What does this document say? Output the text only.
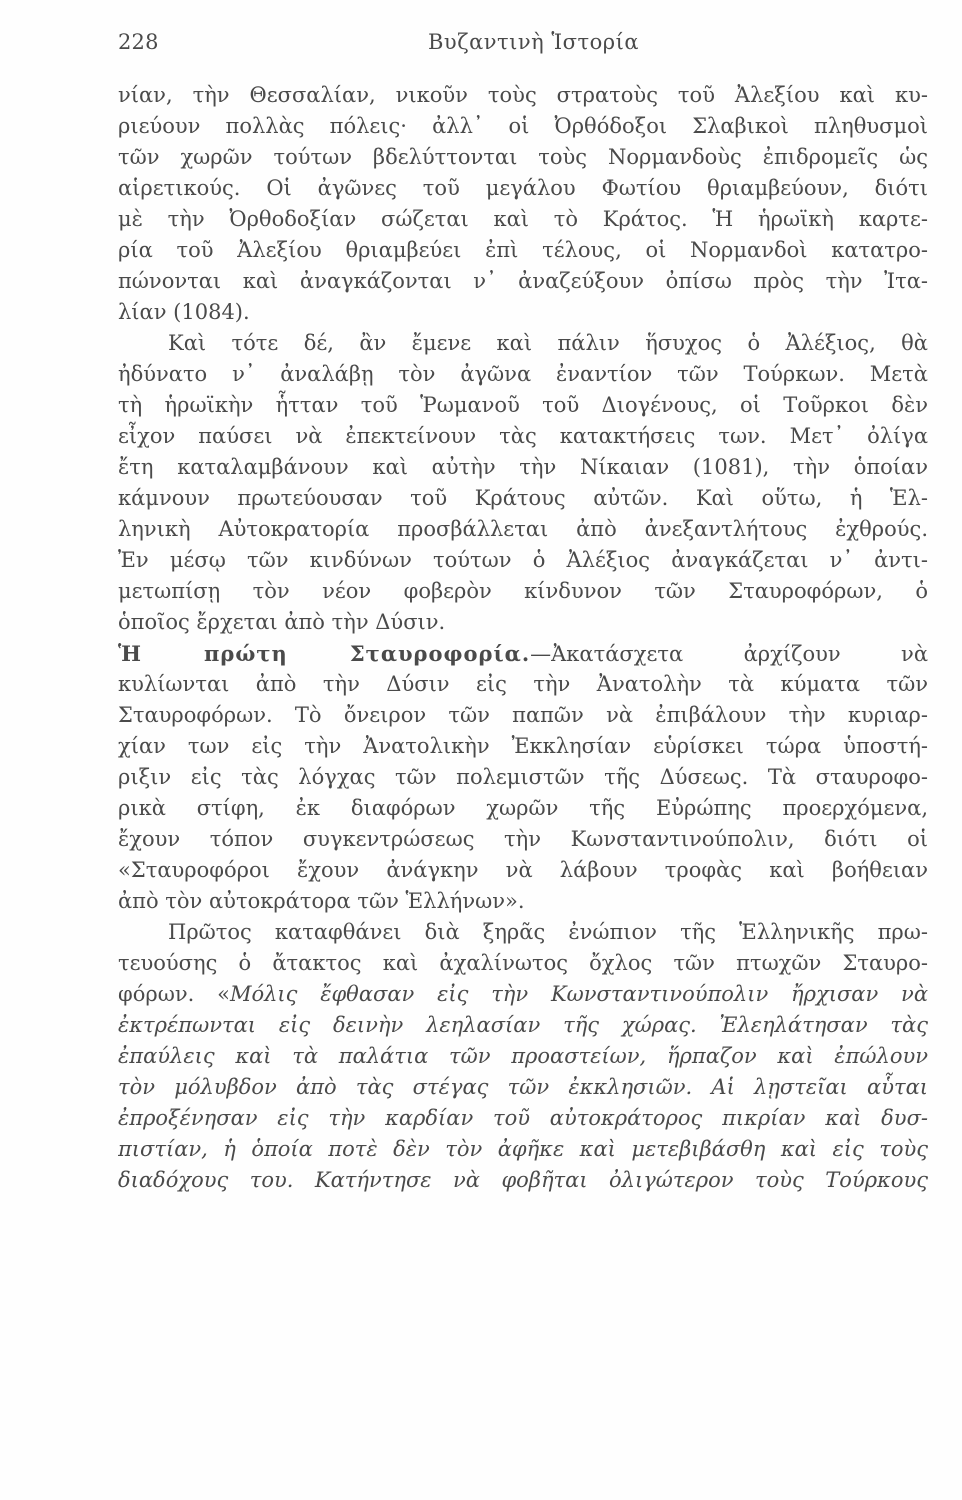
228	Βυζαντινὴ Ἱστορία
νίαν, τὴν Θεσσαλίαν, νικοῦν τοὺς στρατοὺς τοῦ Ἀλεξίου καὶ κυ-
ριεύουν πολλὰς πόλεις· ἀλλ᾽ οἱ Ὀρθόδοξοι Σλαβικοὶ πληθυσμοὶ
τῶν χωρῶν τούτων βδελύττονται τοὺς Νορμανδοὺς ἐπιδρομεῖς ὡς
αἱρετικούς. Οἱ ἀγῶνες τοῦ μεγάλου Φωτίου θριαμβεύουν, διότι
μὲ τὴν Ὀρθοδοξίαν σώζεται καὶ τὸ Κράτος. Ἡ ἡρωϊκὴ καρτε-
ρία τοῦ Ἀλεξίου θριαμβεύει ἐπὶ τέλους, οἱ Νορμανδοὶ κατατρο-
πώνονται καὶ ἀναγκάζονται ν᾽ ἀναζεύξουν ὀπίσω πρὸς τὴν Ἰτα-
λίαν (1084).
Καὶ τότε δέ, ἂν ἔμενε καὶ πάλιν ἥσυχος ὁ Ἀλέξιος, θὰ
ἠδύνατο ν᾽ ἀναλάβῃ τὸν ἀγῶνα ἐναντίον τῶν Τούρκων. Μετὰ
τὴ ἡρωϊκὴν ἧτταν τοῦ Ῥωμανοῦ τοῦ Διογένους, οἱ Τοῦρκοι δὲν
εἶχον παύσει νὰ ἐπεκτείνουν τὰς κατακτήσεις των. Μετ᾽ ὀλίγα
ἔτη καταλαμβάνουν καὶ αὐτὴν τὴν Νίκαιαν (1081), τὴν ὁποίαν
κάμνουν πρωτεύουσαν τοῦ Κράτους αὐτῶν. Καὶ οὕτω, ἡ Ἑλ-
ληνικὴ Αὐτοκρατορία προσβάλλεται ἀπὸ ἀνεξαντλήτους ἐχθρούς.
Ἐν μέσῳ τῶν κινδύνων τούτων ὁ Ἀλέξιος ἀναγκάζεται ν᾽ ἀντι-
μετωπίσῃ τὸν νέον φοβερὸν κίνδυνον τῶν Σταυροφόρων, ὁ
ὁποῖος ἔρχεται ἀπὸ τὴν Δύσιν.
Ἡ πρώτη Σταυροφορία.—Ἀκατάσχετα ἀρχίζουν νὰ
κυλίωνται ἀπὸ τὴν Δύσιν εἰς τὴν Ἀνατολὴν τὰ κύματα τῶν
Σταυροφόρων. Τὸ ὄνειρον τῶν παπῶν νὰ ἐπιβάλουν τὴν κυριαρ-
χίαν των εἰς τὴν Ἀνατολικὴν Ἐκκλησίαν εὑρίσκει τώρα ὑποστή-
ριξιν εἰς τὰς λόγχας τῶν πολεμιστῶν τῆς Δύσεως. Τὰ σταυροφο-
ρικὰ στίφη, ἐκ διαφόρων χωρῶν τῆς Εὐρώπης προερχόμενα,
ἔχουν τόπον συγκεντρώσεως τὴν Κωνσταντινούπολιν, διότι οἱ
«Σταυροφόροι ἔχουν ἀνάγκην νὰ λάβουν τροφὰς καὶ βοήθειαν
ἀπὸ τὸν αὐτοκράτορα τῶν Ἑλλήνων».
Πρῶτος καταφθάνει διὰ ξηρᾶς ἐνώπιον τῆς Ἑλληνικῆς πρω-
τευούσης ὁ ἄτακτος καὶ ἀχαλίνωτος ὄχλος τῶν πτωχῶν Σταυρο-
φόρων. «Μόλις ἔφθασαν εἰς τὴν Κωνσταντινούπολιν ἤρχισαν νὰ
ἐκτρέπωνται εἰς δεινὴν λεηλασίαν τῆς χώρας. Ἐλεηλάτησαν τὰς
ἐπαύλεις καὶ τὰ παλάτια τῶν προαστείων, ἥρπαζον καὶ ἐπώλουν
τὸν μόλυβδον ἀπὸ τὰς στέγας τῶν ἐκκλησιῶν. Αἱ λῃστεῖαι αὗται
ἐπροξένησαν εἰς τὴν καρδίαν τοῦ αὐτοκράτορος πικρίαν καὶ δυσ-
πιστίαν, ἡ ὁποία ποτὲ δὲν τὸν ἀφῆκε καὶ μετεβιβάσθη καὶ εἰς τοὺς
διαδόχους του. Κατήντησε νὰ φοβῆται ὀλιγώτερον τοὺς Τούρκους
